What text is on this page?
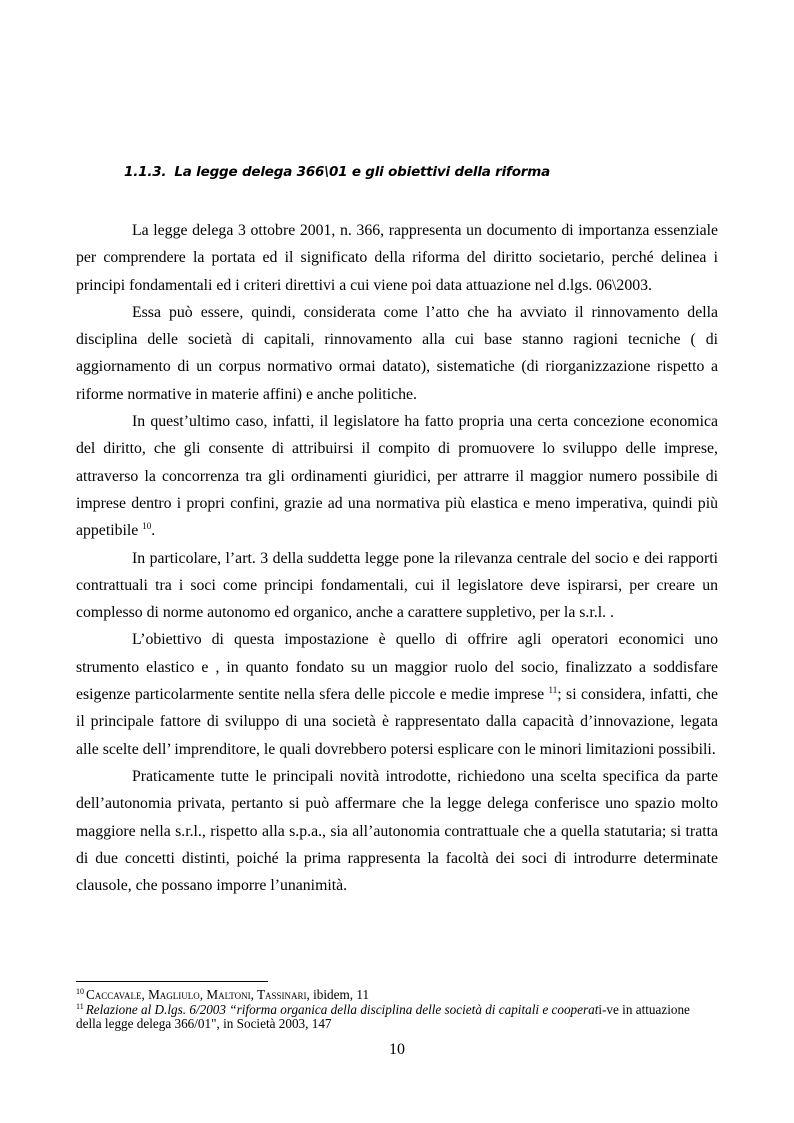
1.1.3. La legge delega 366\01 e gli obiettivi della riforma

La legge delega 3 ottobre 2001, n. 366, rappresenta un documento di importanza essenziale per comprendere la portata ed il significato della riforma del diritto societario, perché delinea i principi fondamentali ed i criteri direttivi a cui viene poi data attuazione nel d.lgs. 06\2003.

Essa può essere, quindi, considerata come l’atto che ha avviato il rinnovamento della disciplina delle società di capitali, rinnovamento alla cui base stanno ragioni tecniche ( di aggiornamento di un corpus normativo ormai datato), sistematiche (di riorganizzazione rispetto a riforme normative in materie affini) e anche politiche.

In quest’ultimo caso, infatti, il legislatore ha fatto propria una certa concezione economica del diritto, che gli consente di attribuirsi il compito di promuovere lo sviluppo delle imprese, attraverso la concorrenza tra gli ordinamenti giuridici, per attrarre il maggior numero possibile di imprese dentro i propri confini, grazie ad una normativa più elastica e meno imperativa, quindi più appetibile $^{10}$.

In particolare, l’art. 3 della suddetta legge pone la rilevanza centrale del socio e dei rapporti contrattuali tra i soci come principi fondamentali, cui il legislatore deve ispirarsi, per creare un complesso di norme autonomo ed organico, anche a carattere suppletivo, per la s.r.l. .

L’obiettivo di questa impostazione è quello di offrire agli operatori economici uno strumento elastico e , in quanto fondato su un maggior ruolo del socio, finalizzato a soddisfare esigenze particolarmente sentite nella sfera delle piccole e medie imprese $^{11}$; si considera, infatti, che il principale fattore di sviluppo di una società è rappresentato dalla capacità d’innovazione, legata alle scelte dell’ imprenditore, le quali dovrebbero potersi esplicare con le minori limitazioni possibili.

Praticamente tutte le principali novità introdotte, richiedono una scelta specifica da parte dell’autonomia privata, pertanto si può affermare che la legge delega conferisce uno spazio molto maggiore nella s.r.l., rispetto alla s.p.a., sia all’autonomia contrattuale che a quella statutaria; si tratta di due concetti distinti, poiché la prima rappresenta la facoltà dei soci di introdurre determinate clausole, che possano imporre l’unanimità.

$^{10}$ Caccavale, Magliulo, Maltoni, Tassinari, ibidem, 11

$^{11}$ Relazione al D.lgs. 6/2003 “riforma organica della disciplina delle società di capitali e cooperati-ve in attuazione della legge delega 366/01", in Società 2003, 147

10
